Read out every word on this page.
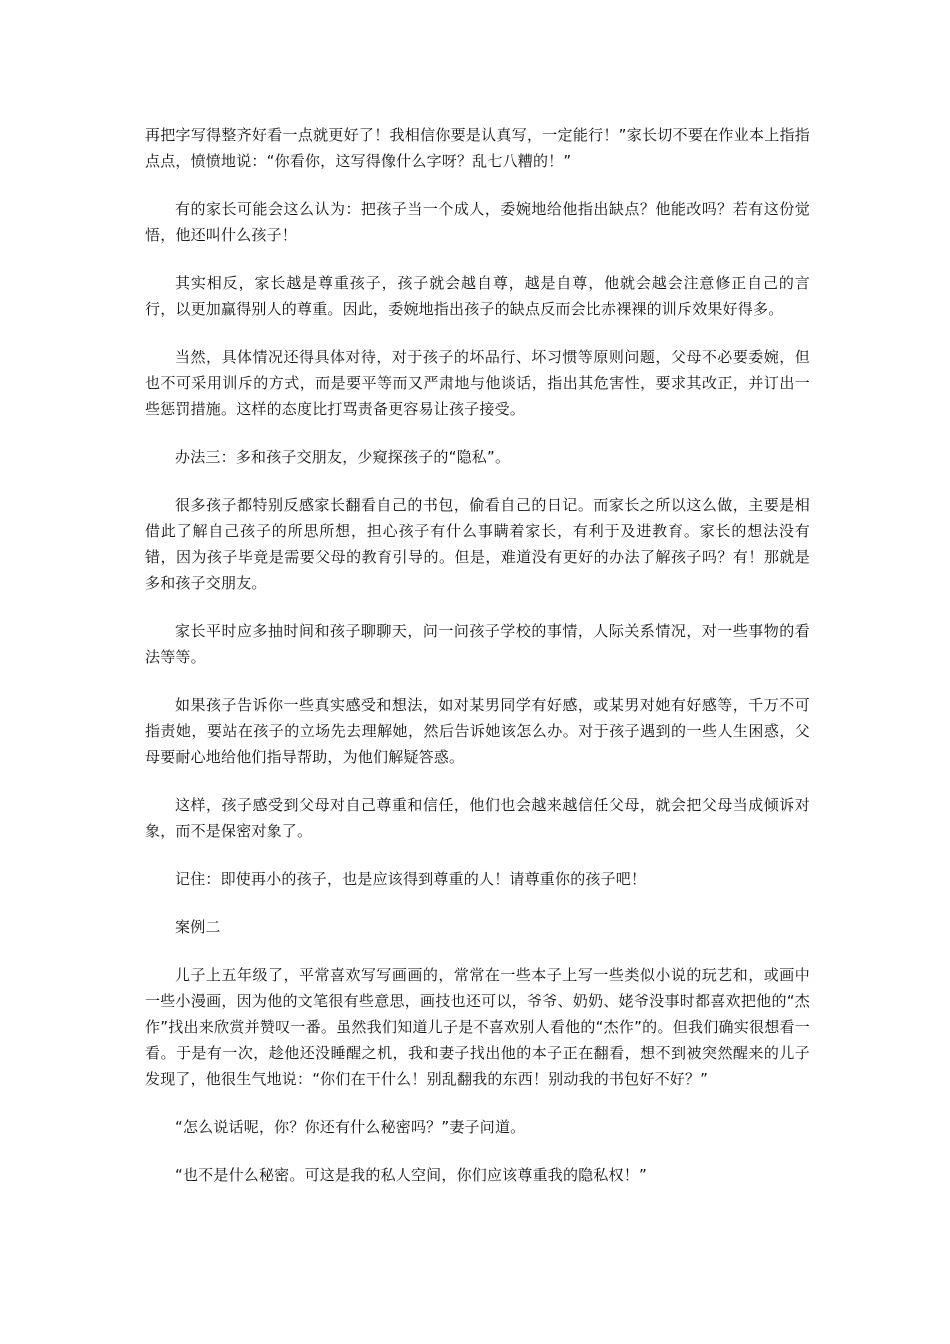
再把字写得整齐好看一点就更好了！我相信你要是认真写，一定能行！”家长切不要在作业本上指指点点，愤愤地说：“你看你，这写得像什么字呀？乱七八糟的！”

有的家长可能会这么认为：把孩子当一个成人，委婉地给他指出缺点？他能改吗？若有这份觉悟，他还叫什么孩子！

其实相反，家长越是尊重孩子，孩子就会越自尊，越是自尊，他就会越会注意修正自己的言行，以更加赢得别人的尊重。因此，委婉地指出孩子的缺点反而会比赤裸裸的训斥效果好得多。

当然，具体情况还得具体对待，对于孩子的坏品行、坏习惯等原则问题，父母不必要委婉，但也不可采用训斥的方式，而是要平等而又严肃地与他谈话，指出其危害性，要求其改正，并订出一些惩罚措施。这样的态度比打骂责备更容易让孩子接受。

办法三：多和孩子交朋友，少窥探孩子的“隐私”。

很多孩子都特别反感家长翻看自己的书包，偷看自己的日记。而家长之所以这么做，主要是相借此了解自己孩子的所思所想，担心孩子有什么事瞒着家长，有利于及进教育。家长的想法没有错，因为孩子毕竟是需要父母的教育引导的。但是，难道没有更好的办法了解孩子吗？有！那就是多和孩子交朋友。

家长平时应多抽时间和孩子聊聊天，问一问孩子学校的事情，人际关系情况，对一些事物的看法等等。

如果孩子告诉你一些真实感受和想法，如对某男同学有好感，或某男对她有好感等，千万不可指责她，要站在孩子的立场先去理解她，然后告诉她该怎么办。对于孩子遇到的一些人生困惑，父母要耐心地给他们指导帮助，为他们解疑答惑。

这样，孩子感受到父母对自己尊重和信任，他们也会越来越信任父母，就会把父母当成倾诉对象，而不是保密对象了。

记住：即使再小的孩子，也是应该得到尊重的人！请尊重你的孩子吧！

案例二

儿子上五年级了，平常喜欢写写画画的，常常在一些本子上写一些类似小说的玩艺和，或画中一些小漫画，因为他的文笔很有些意思，画技也还可以，爷爷、奶奶、姥爷没事时都喜欢把他的“杰作”找出来欣赏并赞叹一番。虽然我们知道儿子是不喜欢别人看他的“杰作”的。但我们确实很想看一看。于是有一次，趁他还没睡醒之机，我和妻子找出他的本子正在翻看，想不到被突然醒来的儿子发现了，他很生气地说：“你们在干什么！别乱翻我的东西！别动我的书包好不好？”

“怎么说话呢，你？你还有什么秘密吗？”妻子问道。

“也不是什么秘密。可这是我的私人空间，你们应该尊重我的隐私权！”
